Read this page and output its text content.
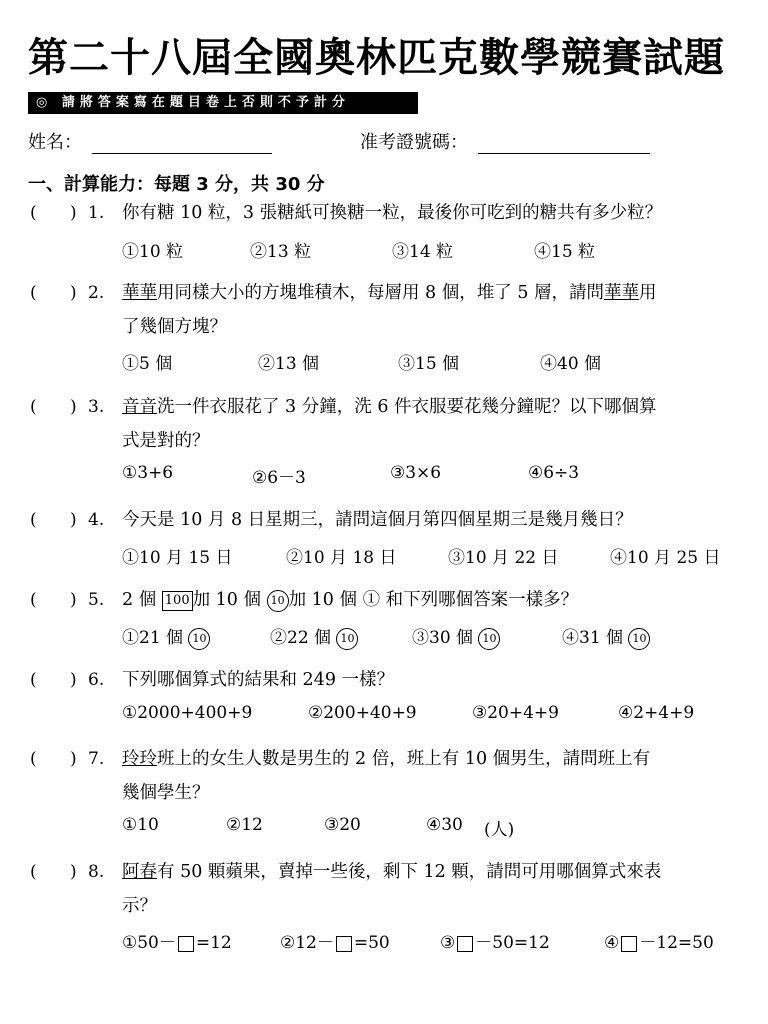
第二十八屆全國奧林匹克數學競賽試題
◎ 請將答案寫在題目卷上否則不予計分
姓名：	准考證號碼：
一、計算能力：每題 3 分，共 30 分
( ) 1. 你有糖 10 粒，3 張糖紙可換糖一粒，最後你可吃到的糖共有多少粒？
①10 粒	②13 粒	③14 粒	④15 粒
( ) 2. 華華用同樣大小的方塊堆積木，每層用 8 個，堆了 5 層，請問華華用
了幾個方塊？
①5 個	②13 個	③15 個	④40 個
( ) 3. 音音洗一件衣服花了 3 分鐘，洗 6 件衣服要花幾分鐘呢？以下哪個算
式是對的？
①3+6	②6－3	③3×6	④6÷3
( ) 4. 今天是 10 月 8 日星期三，請問這個月第四個星期三是幾月幾日？
①10 月 15 日	②10 月 18 日	③10 月 22 日	④10 月 25 日
( ) 5. 2 個 100 加 10 個 10 加 10 個 ① 和下列哪個答案一樣多？
①21 個 10	②22 個 10	③30 個 10	④31 個 10
( ) 6. 下列哪個算式的結果和 249 一樣？
①2000+400+9	②200+40+9	③20+4+9	④2+4+9
( ) 7. 玲玲班上的女生人數是男生的 2 倍，班上有 10 個男生，請問班上有
幾個學生？
①10	②12	③20	④30 (人)
( ) 8. 阿春有 50 顆蘋果，賣掉一些後，剩下 12 顆，請問可用哪個算式來表
示？
①50－ =12	②12－ =50	③ －50=12	④ －12=50
